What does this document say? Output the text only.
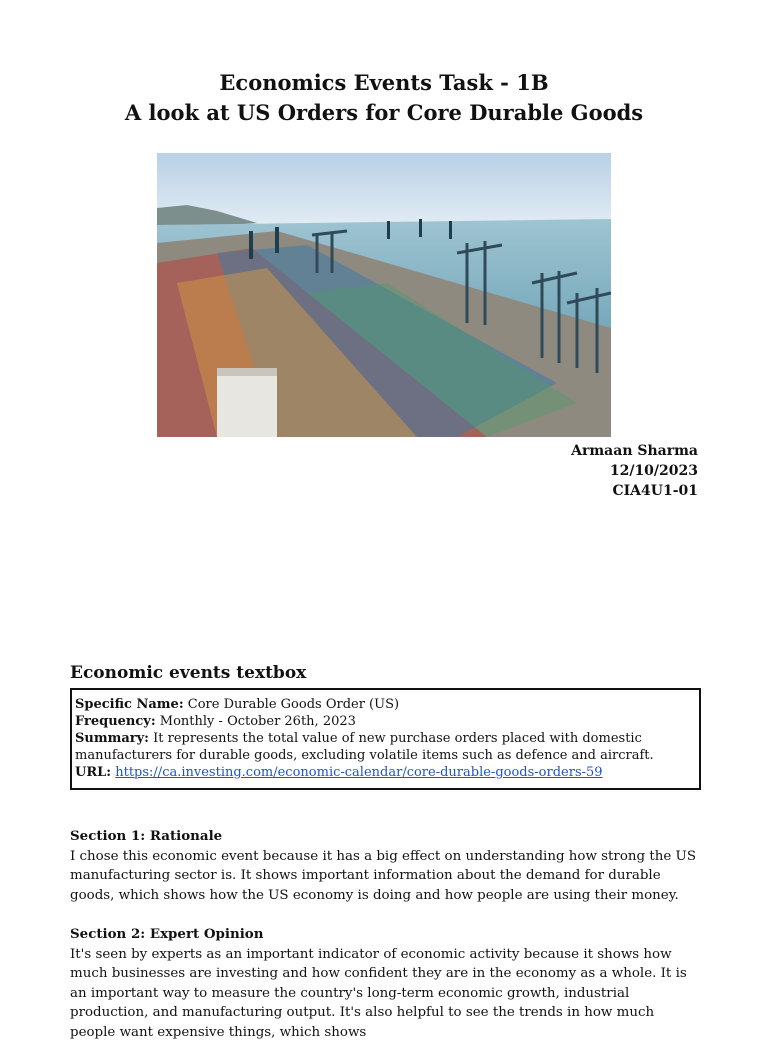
Economics Events Task - 1B
A look at US Orders for Core Durable Goods
Armaan Sharma
12/10/2023
CIA4U1-01
Economic events textbox
Specific Name: Core Durable Goods Order (US)
Frequency: Monthly - October 26th, 2023
Summary: It represents the total value of new purchase orders placed with domestic manufacturers for durable goods, excluding volatile items such as defence and aircraft.
URL: https://ca.investing.com/economic-calendar/core-durable-goods-orders-59
Section 1: Rationale

I chose this economic event because it has a big effect on understanding how strong the US manufacturing sector is. It shows important information about the demand for durable goods, which shows how the US economy is doing and how people are using their money.

Section 2: Expert Opinion

It's seen by experts as an important indicator of economic activity because it shows how much businesses are investing and how confident they are in the economy as a whole. It is an important way to measure the country's long-term economic growth, industrial production, and manufacturing output. It's also helpful to see the trends in how much people want expensive things, which shows
